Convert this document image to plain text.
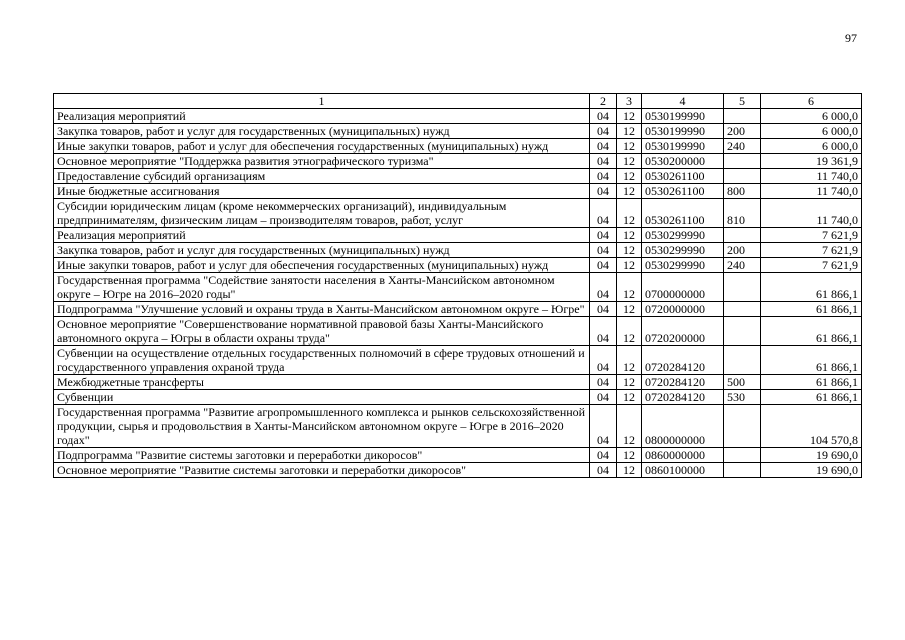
97
1	2	3	4	5	6
Реализация мероприятий	04	12	0530199990		6 000,0
Закупка товаров, работ и услуг для государственных (муниципальных) нужд	04	12	0530199990	200	6 000,0
Иные закупки товаров, работ и услуг для обеспечения государственных (муниципальных) нужд	04	12	0530199990	240	6 000,0
Основное мероприятие "Поддержка развития этнографического туризма"	04	12	0530200000		19 361,9
Предоставление субсидий организациям	04	12	0530261100		11 740,0
Иные бюджетные ассигнования	04	12	0530261100	800	11 740,0
Субсидии юридическим лицам (кроме некоммерческих организаций), индивидуальным предпринимателям, физическим лицам – производителям товаров, работ, услуг	04	12	0530261100	810	11 740,0
Реализация мероприятий	04	12	0530299990		7 621,9
Закупка товаров, работ и услуг для государственных (муниципальных) нужд	04	12	0530299990	200	7 621,9
Иные закупки товаров, работ и услуг для обеспечения государственных (муниципальных) нужд	04	12	0530299990	240	7 621,9
Государственная программа "Содействие занятости населения в Ханты-Мансийском автономном округе – Югре на 2016–2020 годы"	04	12	0700000000		61 866,1
Подпрограмма "Улучшение условий и охраны труда в Ханты-Мансийском автономном округе – Югре"	04	12	0720000000		61 866,1
Основное мероприятие "Совершенствование нормативной правовой базы Ханты-Мансийского автономного округа – Югры в области охраны труда"	04	12	0720200000		61 866,1
Субвенции на осуществление отдельных государственных полномочий в сфере трудовых отношений и государственного управления охраной труда	04	12	0720284120		61 866,1
Межбюджетные трансферты	04	12	0720284120	500	61 866,1
Субвенции	04	12	0720284120	530	61 866,1
Государственная программа "Развитие агропромышленного комплекса и рынков сельскохозяйственной продукции, сырья и продовольствия в Ханты-Мансийском автономном округе – Югре в 2016–2020 годах"	04	12	0800000000		104 570,8
Подпрограмма "Развитие системы заготовки и переработки дикоросов"	04	12	0860000000		19 690,0
Основное мероприятие "Развитие системы заготовки и переработки дикоросов"	04	12	0860100000		19 690,0
